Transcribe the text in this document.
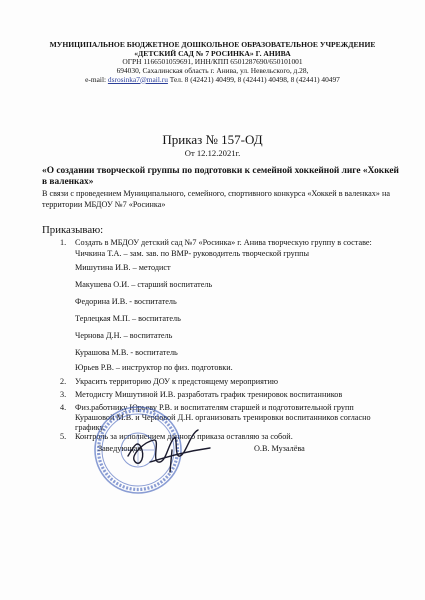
МУНИЦИПАЛЬНОЕ БЮДЖЕТНОЕ ДОШКОЛЬНОЕ ОБРАЗОВАТЕЛЬНОЕ УЧРЕЖДЕНИЕ
«ДЕТСКИЙ САД № 7 РОСИНКА» Г. АНИВА
ОГРН 1166501059691, ИНН/КПП 6501287690/650101001
694030, Сахалинская область г. Анива, ул. Невельского, д.28,
e-mail: dsrosinka7@mail.ru Тел. 8 (42421) 40499, 8 (42441) 40498, 8 (42441) 40497
Приказ № 157-ОД
От 12.12.2021г.
«О создании творческой группы по подготовки к семейной хоккейной лиге «Хоккей в валенках»
В связи с проведением Муниципального, семейного, спортивного конкурса «Хоккей в валенках» на территории МБДОУ №7 «Росинка»
Приказываю:
1. Создать в МБДОУ детский сад №7 «Росинка» г. Анива творческую группу в составе:
Чичкина Т.А. – зам. зав. по ВМР- руководитель творческой группы
Мишутина И.В. – методист
Макушева О.И. – старший воспитатель
Федорина И.В. - воспитатель
Терлецкая М.П. – воспитатель
Чернова Д.Н. – воспитатель
Курашова М.В. - воспитатель
Юрьев Р.В. – инструктор по физ. подготовки.
2. Украсить территорию ДОУ к предстоящему мероприятию
3. Методисту Мишутиной И.В. разработать график тренировок воспитанников
4. Физ.работнику Юрьеву Р.В. и воспитателям старшей и подготовительной групп Курашовой М.В. и Черновой Д.Н. организовать тренировки воспитанников согласно графику.
5. Контроль за исполнением данного приказа оставляю за собой.
Заведующая	О.В. Музалёва
